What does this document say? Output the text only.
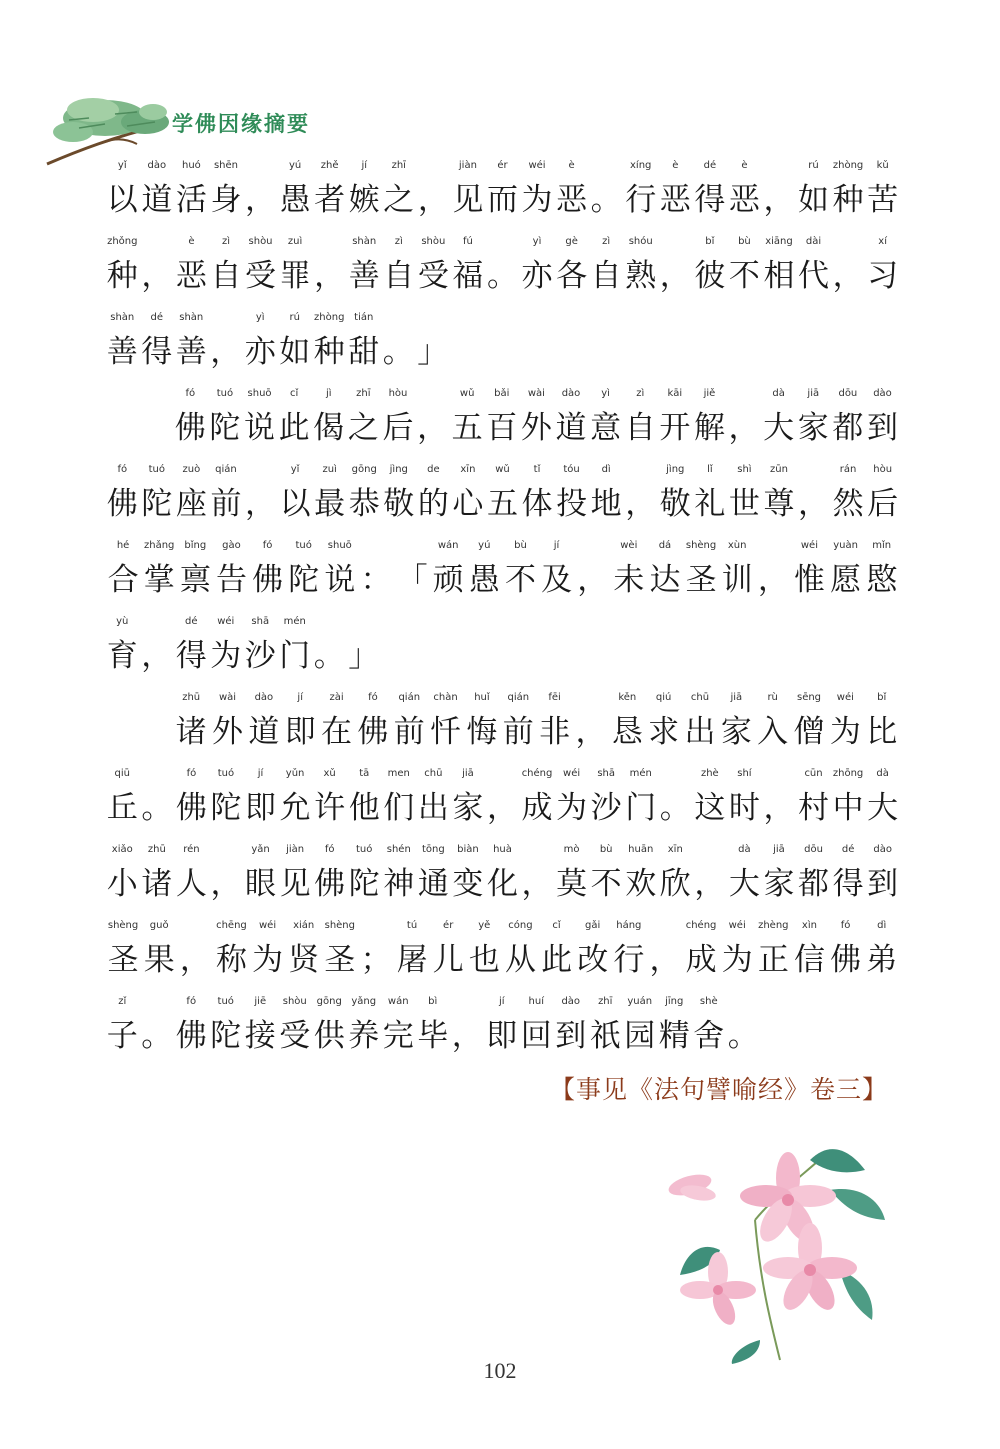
学佛因缘摘要
yǐ
以
dào
道
huó
活
shēn
身 ，
yú
愚
zhě
者
jí
嫉
zhī
之 ，
jiàn
见
ér
而
wéi
为
è
恶 。
xíng
行
è
恶
dé
得
è
恶 ，
rú
如
zhòng
种
kǔ
苦
zhǒng
种 ，
è
恶
zì
自
shòu
受
zuì
罪 ，
shàn
善
zì
自
shòu
受
fú
福 。
yì
亦
gè
各
zì
自
shóu
熟 ，
bǐ
彼
bù
不
xiāng
相
dài
代 ，
xí
习
shàn
善
dé
得
shàn
善 ，
yì
亦
rú
如
zhòng
种
tián
甜 。 」
fó
佛
tuó
陀
shuō
说
cǐ
此
jì
偈
zhī
之
hòu
后 ，
wǔ
五
bǎi
百
wài
外
dào
道
yì
意
zì
自
kāi
开
jiě
解 ，
dà
大
jiā
家
dōu
都
dào
到
fó
佛
tuó
陀
zuò
座
qián
前 ，
yǐ
以
zuì
最
gōng
恭
jìng
敬
de
的
xīn
心
wǔ
五
tǐ
体
tóu
投
dì
地 ，
jìng
敬
lǐ
礼
shì
世
zūn
尊 ，
rán
然
hòu
后
hé
合
zhǎng
掌
bǐng
禀
gào
告
fó
佛
tuó
陀
shuō
说 ： 「
wán
顽
yú
愚
bù
不
jí
及 ，
wèi
未
dá
达
shèng
圣
xùn
训 ，
wéi
惟
yuàn
愿
mǐn
愍
yù
育 ，
dé
得
wéi
为
shā
沙
mén
门 。 」
zhū
诸
wài
外
dào
道
jí
即
zài
在
fó
佛
qián
前
chàn
忏
huǐ
悔
qián
前
fēi
非 ，
kěn
恳
qiú
求
chū
出
jiā
家
rù
入
sēng
僧
wéi
为
bǐ
比
qiū
丘 。
fó
佛
tuó
陀
jí
即
yǔn
允
xǔ
许
tā
他
men
们
chū
出
jiā
家 ，
chéng
成
wéi
为
shā
沙
mén
门 。
zhè
这
shí
时 ，
cūn
村
zhōng
中
dà
大
xiǎo
小
zhū
诸
rén
人 ，
yǎn
眼
jiàn
见
fó
佛
tuó
陀
shén
神
tōng
通
biàn
变
huà
化 ，
mò
莫
bù
不
huān
欢
xīn
欣 ，
dà
大
jiā
家
dōu
都
dé
得
dào
到
shèng
圣
guǒ
果 ，
chēng
称
wéi
为
xián
贤
shèng
圣 ；
tú
屠
ér
儿
yě
也
cóng
从
cǐ
此
gǎi
改
háng
行 ，
chéng
成
wéi
为
zhèng
正
xìn
信
fó
佛
dì
弟
zǐ
子 。
fó
佛
tuó
陀
jiē
接
shòu
受
gōng
供
yǎng
养
wán
完
bì
毕 ，
jí
即
huí
回
dào
到
zhī
祇
yuán
园
jīng
精
shè
舍 。
【事见《法句譬喻经》卷三】
102
